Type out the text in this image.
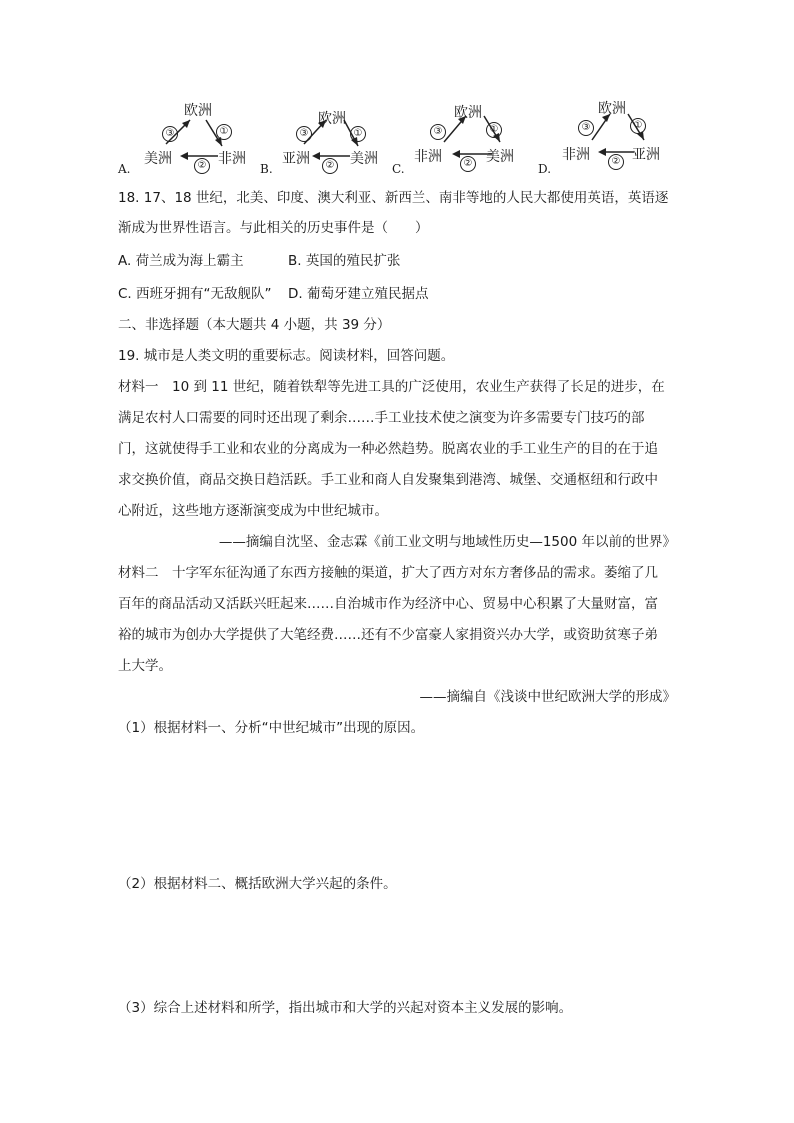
A.
欧洲
美洲	非洲
①
②
③
B.
欧洲
亚洲	美洲
①
②
③
C.
欧洲
非洲	美洲
①
②
③
D.
欧洲
非洲	亚洲
①
②
③
18. 17、18 世纪，北美、印度、澳大利亚、新西兰、南非等地的人民大都使用英语，英语逐
渐成为世界性语言。与此相关的历史事件是（　　）
A. 荷兰成为海上霸主	B. 英国的殖民扩张
C. 西班牙拥有“无敌舰队” D. 葡萄牙建立殖民据点
二、非选择题（本大题共 4 小题，共 39 分）
19. 城市是人类文明的重要标志。阅读材料，回答问题。
材料一　10 到 11 世纪，随着铁犁等先进工具的广泛使用，农业生产获得了长足的进步，在
满足农村人口需要的同时还出现了剩余……手工业技术使之演变为许多需要专门技巧的部
门，这就使得手工业和农业的分离成为一种必然趋势。脱离农业的手工业生产的目的在于追
求交换价值，商品交换日趋活跃。手工业和商人自发聚集到港湾、城堡、交通枢纽和行政中
心附近，这些地方逐渐演变成为中世纪城市。
——摘编自沈坚、金志霖《前工业文明与地域性历史—1500 年以前的世界》
材料二　十字军东征沟通了东西方接触的渠道，扩大了西方对东方奢侈品的需求。萎缩了几
百年的商品活动又活跃兴旺起来……自治城市作为经济中心、贸易中心积累了大量财富，富
裕的城市为创办大学提供了大笔经费……还有不少富豪人家捐资兴办大学，或资助贫寒子弟
上大学。
——摘编自《浅谈中世纪欧洲大学的形成》
（1）根据材料一、分析“中世纪城市”出现的原因。
（2）根据材料二、概括欧洲大学兴起的条件。
（3）综合上述材料和所学，指出城市和大学的兴起对资本主义发展的影响。
